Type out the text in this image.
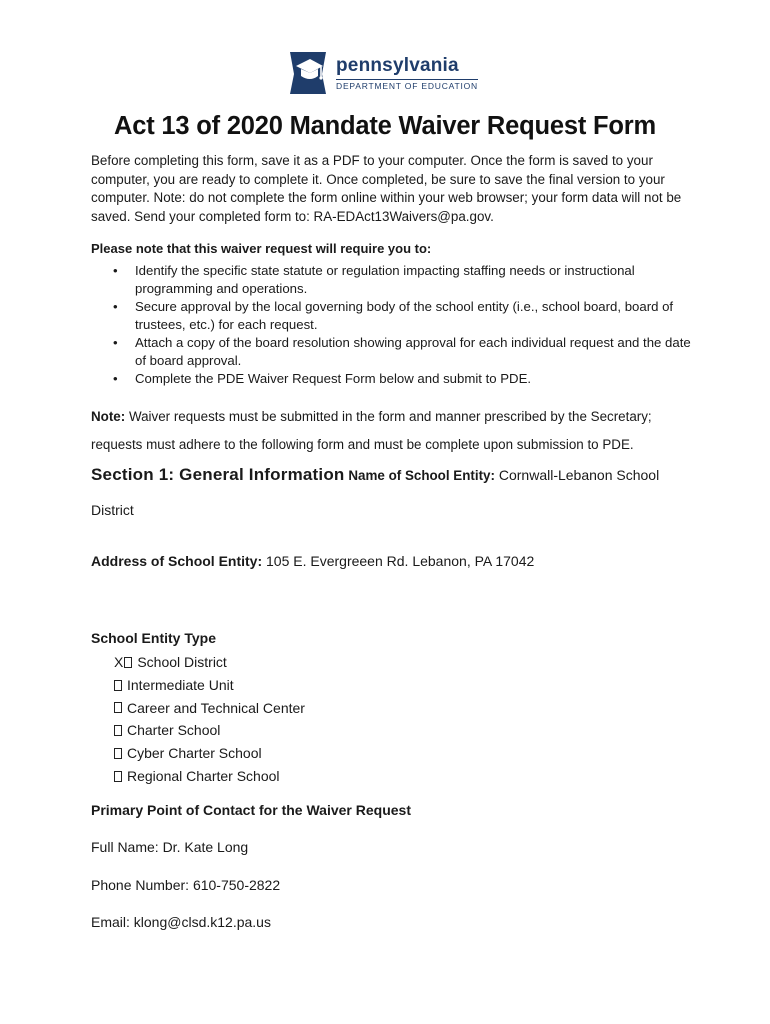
pennsylvania
DEPARTMENT OF EDUCATION
Act 13 of 2020 Mandate Waiver Request Form

Before completing this form, save it as a PDF to your computer. Once the form is saved to your computer, you are ready to complete it. Once completed, be sure to save the final version to your computer. Note: do not complete the form online within your web browser; your form data will not be saved. Send your completed form to: RA-EDAct13Waivers@pa.gov.

Please note that this waiver request will require you to:
• Identify the specific state statute or regulation impacting staffing needs or instructional programming and operations.
• Secure approval by the local governing body of the school entity (i.e., school board, board of trustees, etc.) for each request.
• Attach a copy of the board resolution showing approval for each individual request and the date of board approval.
• Complete the PDE Waiver Request Form below and submit to PDE.
Note: Waiver requests must be submitted in the form and manner prescribed by the Secretary; requests must adhere to the following form and must be complete upon submission to PDE.
Section 1: General Information Name of School Entity: Cornwall-Lebanon School District
Address of School Entity: 105 E. Evergreeen Rd. Lebanon, PA 17042
School Entity Type
X School District
Intermediate Unit
Career and Technical Center
Charter School
Cyber Charter School
Regional Charter School
Primary Point of Contact for the Waiver Request
Full Name: Dr. Kate Long
Phone Number: 610-750-2822
Email: klong@clsd.k12.pa.us
